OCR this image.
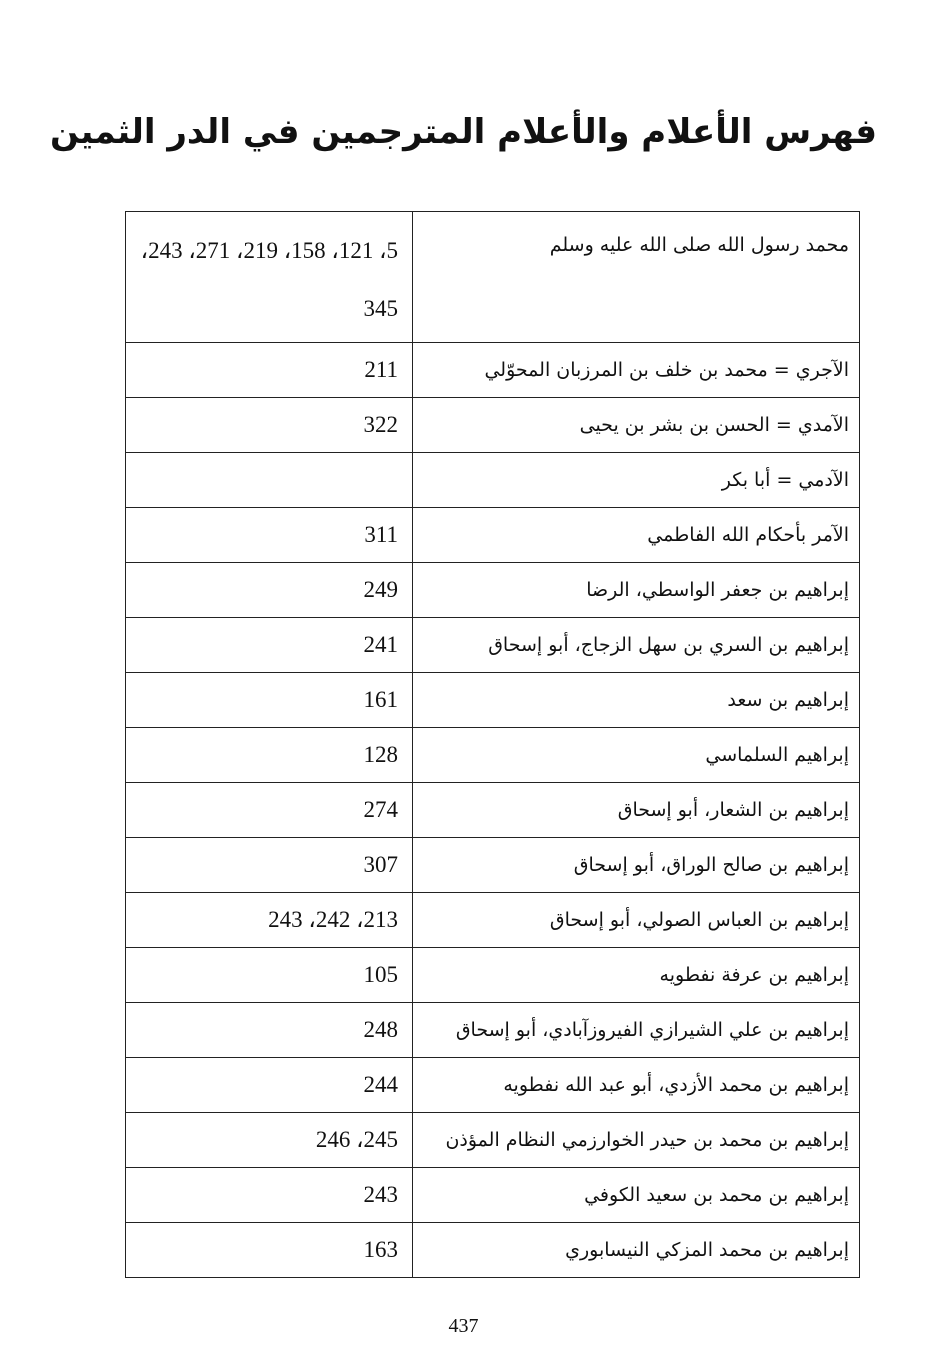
فهرس الأعلام والأعلام المترجمين في الدر الثمين
5، 121، 158، 219، 271، 243، 345	محمد رسول الله صلى الله عليه وسلم
211	الآجري = محمد بن خلف بن المرزبان المحوّلي
322	الآمدي = الحسن بن بشر بن يحيى
	الآدمي = أبا بكر
311	الآمر بأحكام الله الفاطمي
249	إبراهيم بن جعفر الواسطي، الرضا
241	إبراهيم بن السري بن سهل الزجاج، أبو إسحاق
161	إبراهيم بن سعد
128	إبراهيم السلماسي
274	إبراهيم بن الشعار، أبو إسحاق
307	إبراهيم بن صالح الوراق، أبو إسحاق
213، 242، 243	إبراهيم بن العباس الصولي، أبو إسحاق
105	إبراهيم بن عرفة نفطويه
248	إبراهيم بن علي الشيرازي الفيروزآبادي، أبو إسحاق
244	إبراهيم بن محمد الأزدي، أبو عبد الله نفطويه
245، 246	إبراهيم بن محمد بن حيدر الخوارزمي النظام المؤذن
243	إبراهيم بن محمد بن سعيد الكوفي
163	إبراهيم بن محمد المزكي النيسابوري
437
